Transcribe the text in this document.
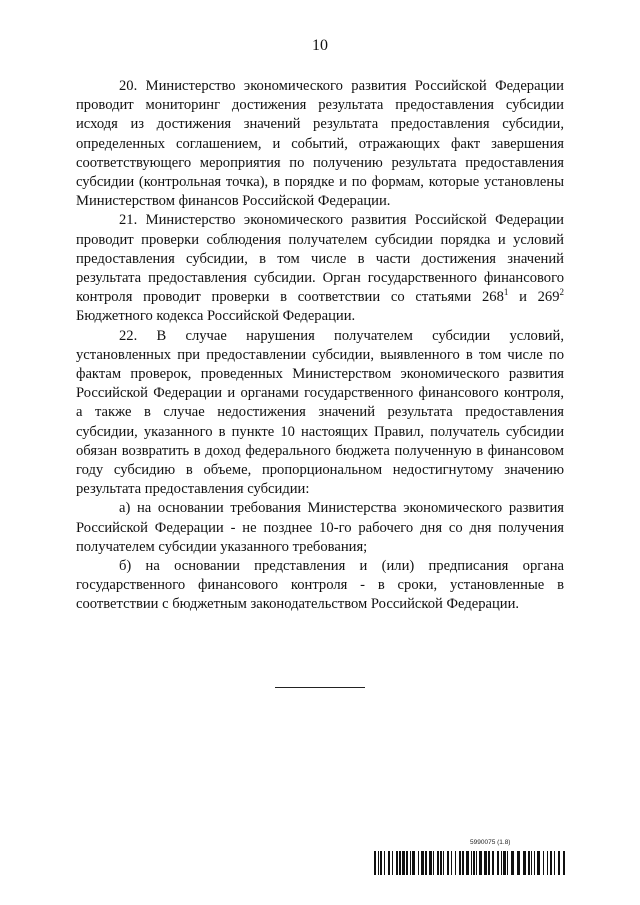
10

20. Министерство экономического развития Российской Федерации проводит мониторинг достижения результата предоставления субсидии исходя из достижения значений результата предоставления субсидии, определенных соглашением, и событий, отражающих факт завершения соответствующего мероприятия по получению результата предоставления субсидии (контрольная точка), в порядке и по формам, которые установлены Министерством финансов Российской Федерации.

21. Министерство экономического развития Российской Федерации проводит проверки соблюдения получателем субсидии порядка и условий предоставления субсидии, в том числе в части достижения значений результата предоставления субсидии. Орган государственного финансового контроля проводит проверки в соответствии со статьями $268^1$ и $269^2$ Бюджетного кодекса Российской Федерации.

22. В случае нарушения получателем субсидии условий, установленных при предоставлении субсидии, выявленного в том числе по фактам проверок, проведенных Министерством экономического развития Российской Федерации и органами государственного финансового контроля, а также в случае недостижения значений результата предоставления субсидии, указанного в пункте 10 настоящих Правил, получатель субсидии обязан возвратить в доход федерального бюджета полученную в финансовом году субсидию в объеме, пропорциональном недостигнутому значению результата предоставления субсидии:

а) на основании требования Министерства экономического развития Российской Федерации - не позднее 10-го рабочего дня со дня получения получателем субсидии указанного требования;

б) на основании представления и (или) предписания органа государственного финансового контроля - в сроки, установленные в соответствии с бюджетным законодательством Российской Федерации.

5990075 (1.8)
